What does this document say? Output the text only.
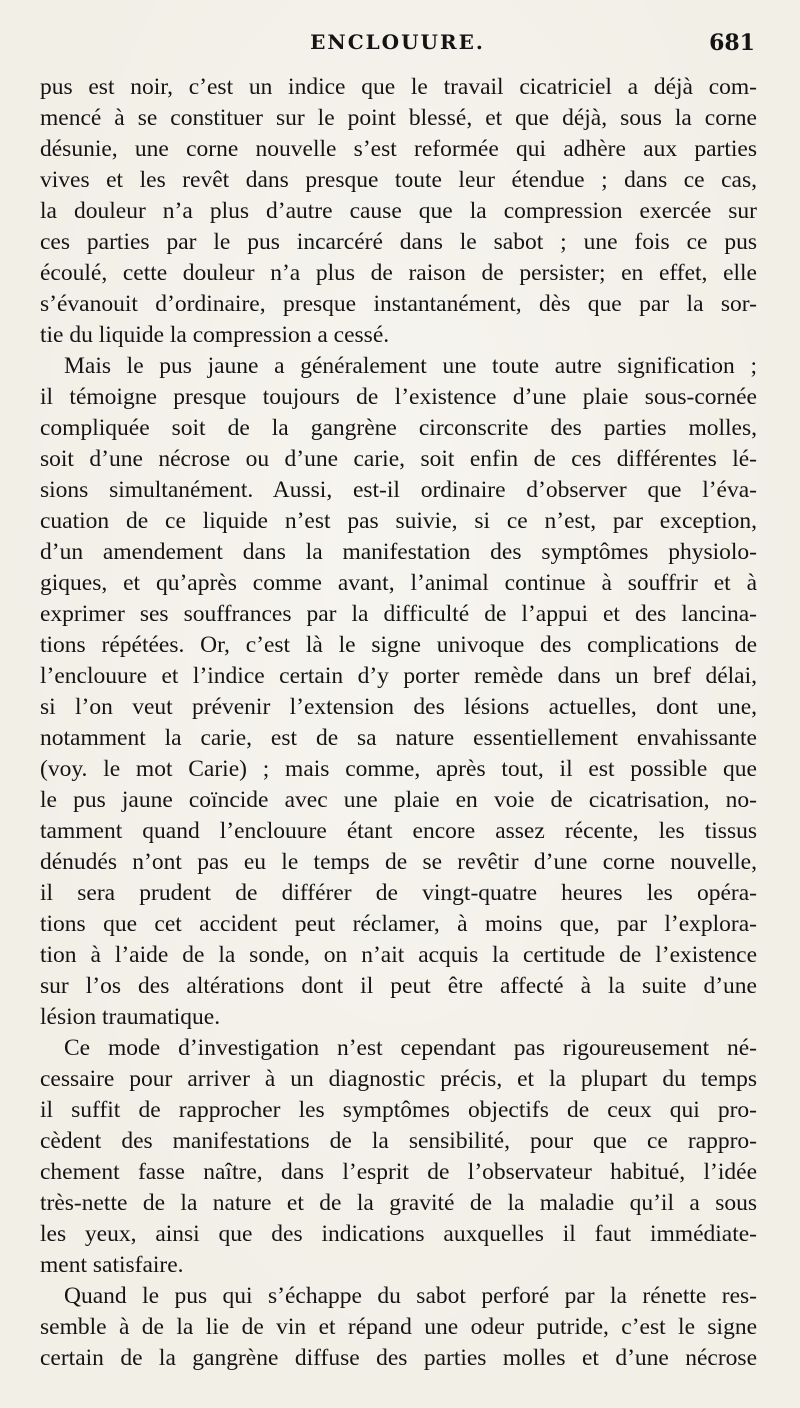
ENCLOUURE.	681
pus est noir, c’est un indice que le travail cicatriciel a déjà com-
mencé à se constituer sur le point blessé, et que déjà, sous la corne
désunie, une corne nouvelle s’est reformée qui adhère aux parties
vives et les revêt dans presque toute leur étendue ; dans ce cas,
la douleur n’a plus d’autre cause que la compression exercée sur
ces parties par le pus incarcéré dans le sabot ; une fois ce pus
écoulé, cette douleur n’a plus de raison de persister; en effet, elle
s’évanouit d’ordinaire, presque instantanément, dès que par la sor-
tie du liquide la compression a cessé.
Mais le pus jaune a généralement une toute autre signification ;
il témoigne presque toujours de l’existence d’une plaie sous-cornée
compliquée soit de la gangrène circonscrite des parties molles,
soit d’une nécrose ou d’une carie, soit enfin de ces différentes lé-
sions simultanément. Aussi, est-il ordinaire d’observer que l’éva-
cuation de ce liquide n’est pas suivie, si ce n’est, par exception,
d’un amendement dans la manifestation des symptômes physiolo-
giques, et qu’après comme avant, l’animal continue à souffrir et à
exprimer ses souffrances par la difficulté de l’appui et des lancina-
tions répétées. Or, c’est là le signe univoque des complications de
l’enclouure et l’indice certain d’y porter remède dans un bref délai,
si l’on veut prévenir l’extension des lésions actuelles, dont une,
notamment la carie, est de sa nature essentiellement envahissante
(voy. le mot Carie) ; mais comme, après tout, il est possible que
le pus jaune coïncide avec une plaie en voie de cicatrisation, no-
tamment quand l’enclouure étant encore assez récente, les tissus
dénudés n’ont pas eu le temps de se revêtir d’une corne nouvelle,
il sera prudent de différer de vingt-quatre heures les opéra-
tions que cet accident peut réclamer, à moins que, par l’explora-
tion à l’aide de la sonde, on n’ait acquis la certitude de l’existence
sur l’os des altérations dont il peut être affecté à la suite d’une
lésion traumatique.
Ce mode d’investigation n’est cependant pas rigoureusement né-
cessaire pour arriver à un diagnostic précis, et la plupart du temps
il suffit de rapprocher les symptômes objectifs de ceux qui pro-
cèdent des manifestations de la sensibilité, pour que ce rappro-
chement fasse naître, dans l’esprit de l’observateur habitué, l’idée
très-nette de la nature et de la gravité de la maladie qu’il a sous
les yeux, ainsi que des indications auxquelles il faut immédiate-
ment satisfaire.
Quand le pus qui s’échappe du sabot perforé par la rénette res-
semble à de la lie de vin et répand une odeur putride, c’est le signe
certain de la gangrène diffuse des parties molles et d’une nécrose
